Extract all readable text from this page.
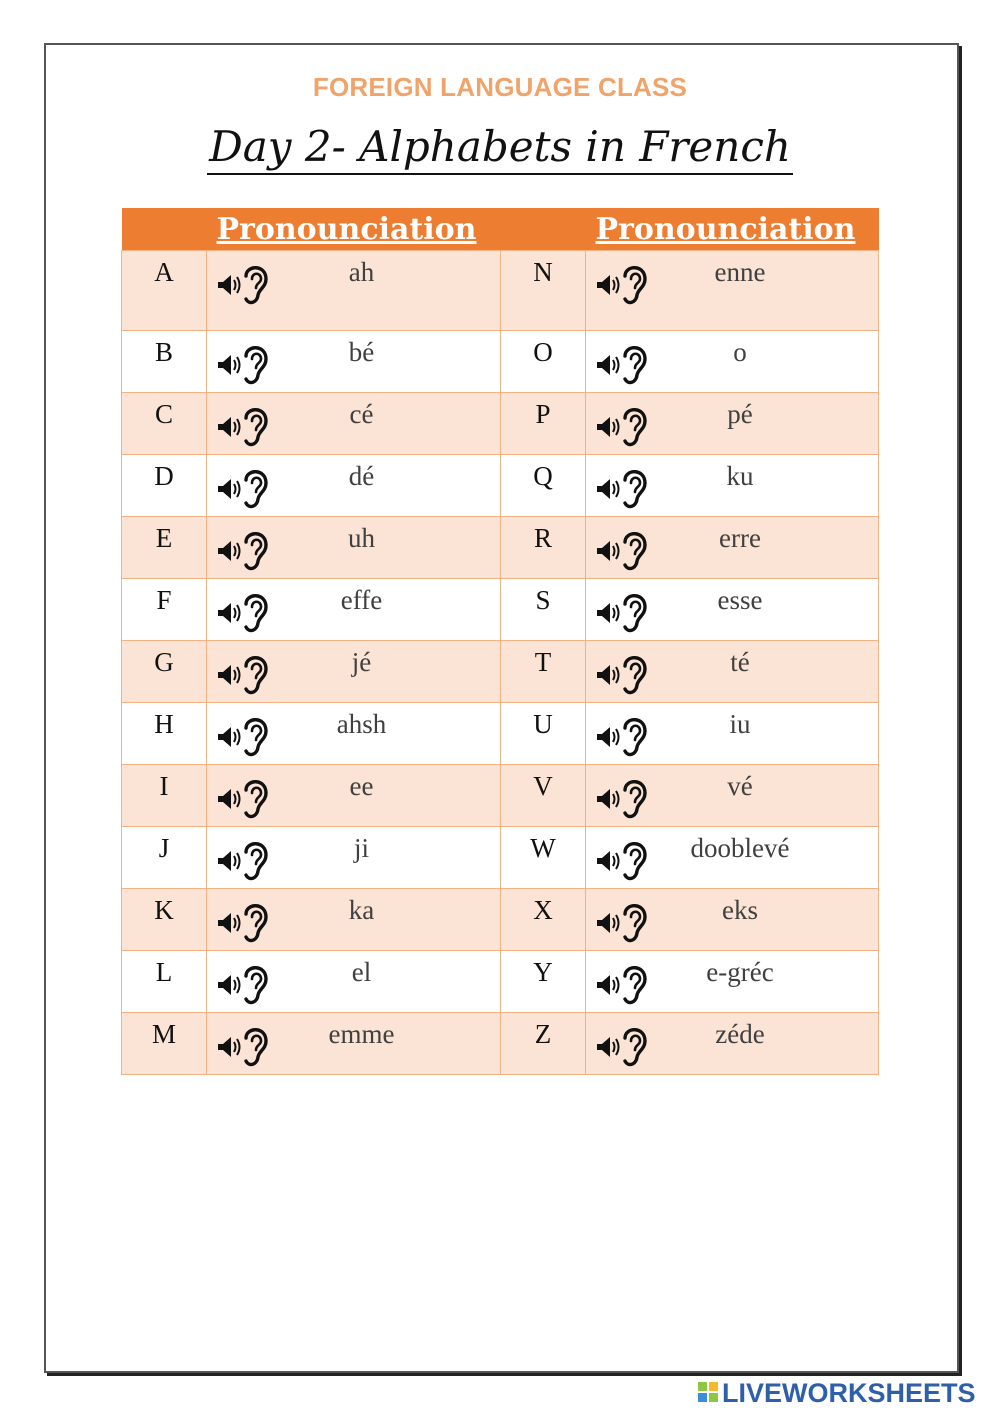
FOREIGN LANGUAGE CLASS
Day 2- Alphabets in French
	Pronounciation		Pronounciation
A	ah	N	enne

B	bé	O	o

C	cé	P	pé

D	dé	Q	ku

E	uh	R	erre

F	effe	S	esse

G	jé	T	té

H	ahsh	U	iu

I	ee	V	vé

J	ji	W	dooblevé

K	ka	X	eks

L	el	Y	e-gréc

M	emme	Z	zéde
LIVEWORKSHEETS
